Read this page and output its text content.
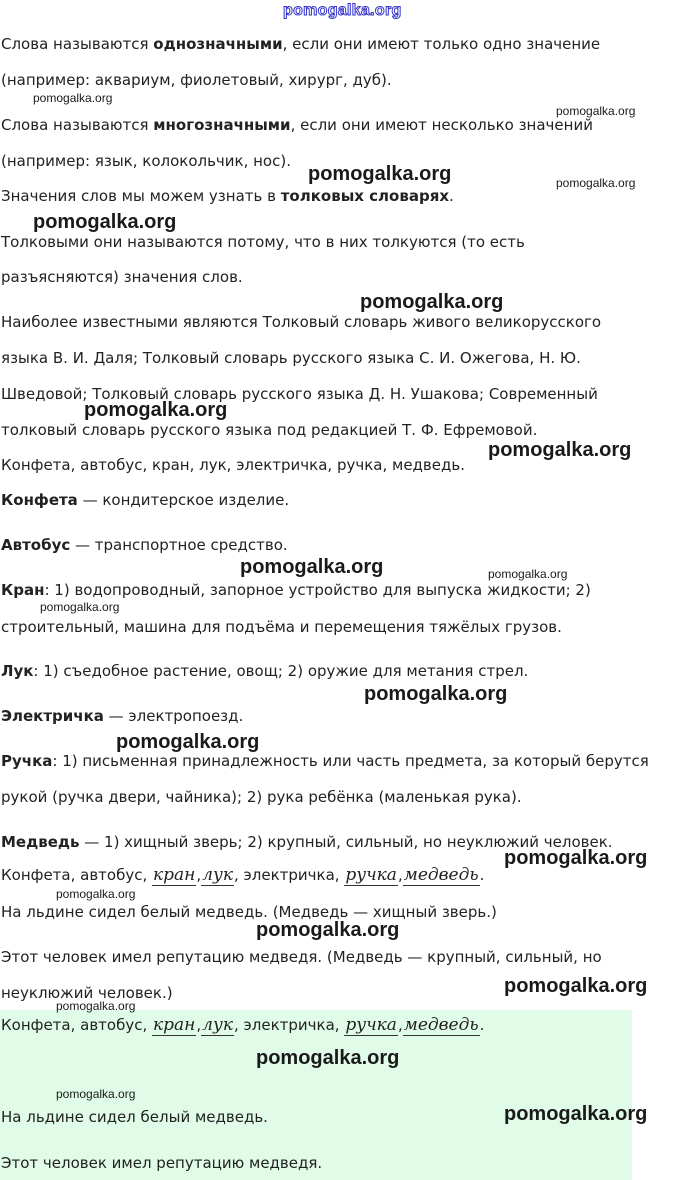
pomogalka.org
Слова называются однозначными, если они имеют только одно значение
(например: аквариум, фиолетовый, хирург, дуб).
Слова называются многозначными, если они имеют несколько значений
(например: язык, колокольчик, нос).
Значения слов мы можем узнать в толковых словарях.
Толковыми они называются потому, что в них толкуются (то есть
разъясняются) значения слов.
Наиболее известными являются Толковый словарь живого великорусского
языка В. И. Даля; Толковый словарь русского языка С. И. Ожегова, Н. Ю.
Шведовой; Толковый словарь русского языка Д. Н. Ушакова; Современный
толковый словарь русского языка под редакцией Т. Ф. Ефремовой.
Конфета, автобус, кран, лук, электричка, ручка, медведь.
Конфета — кондитерское изделие.
Автобус — транспортное средство.
Кран: 1) водопроводный, запорное устройство для выпуска жидкости; 2)
строительный, машина для подъёма и перемещения тяжёлых грузов.
Лук: 1) съедобное растение, овощ; 2) оружие для метания стрел.
Электричка — электропоезд.
Ручка: 1) письменная принадлежность или часть предмета, за который берутся
рукой (ручка двери, чайника); 2) рука ребёнка (маленькая рука).
Медведь — 1) хищный зверь; 2) крупный, сильный, но неуклюжий человек.
Конфета, автобус, кран,лук, электричка, ручка,медведь.
На льдине сидел белый медведь. (Медведь — хищный зверь.)
Этот человек имел репутацию медведя. (Медведь — крупный, сильный, но
неуклюжий человек.)
Конфета, автобус, кран,лук, электричка, ручка,медведь.
На льдине сидел белый медведь.
Этот человек имел репутацию медведя.
pomogalka.org
pomogalka.org
pomogalka.org	pomogalka.org
pomogalka.org
pomogalka.org
pomogalka.org
pomogalka.org
pomogalka.org	pomogalka.org
pomogalka.org
pomogalka.org
pomogalka.org
pomogalka.org
pomogalka.org
pomogalka.org
pomogalka.org
pomogalka.org
pomogalka.org
pomogalka.org
pomogalka.org
